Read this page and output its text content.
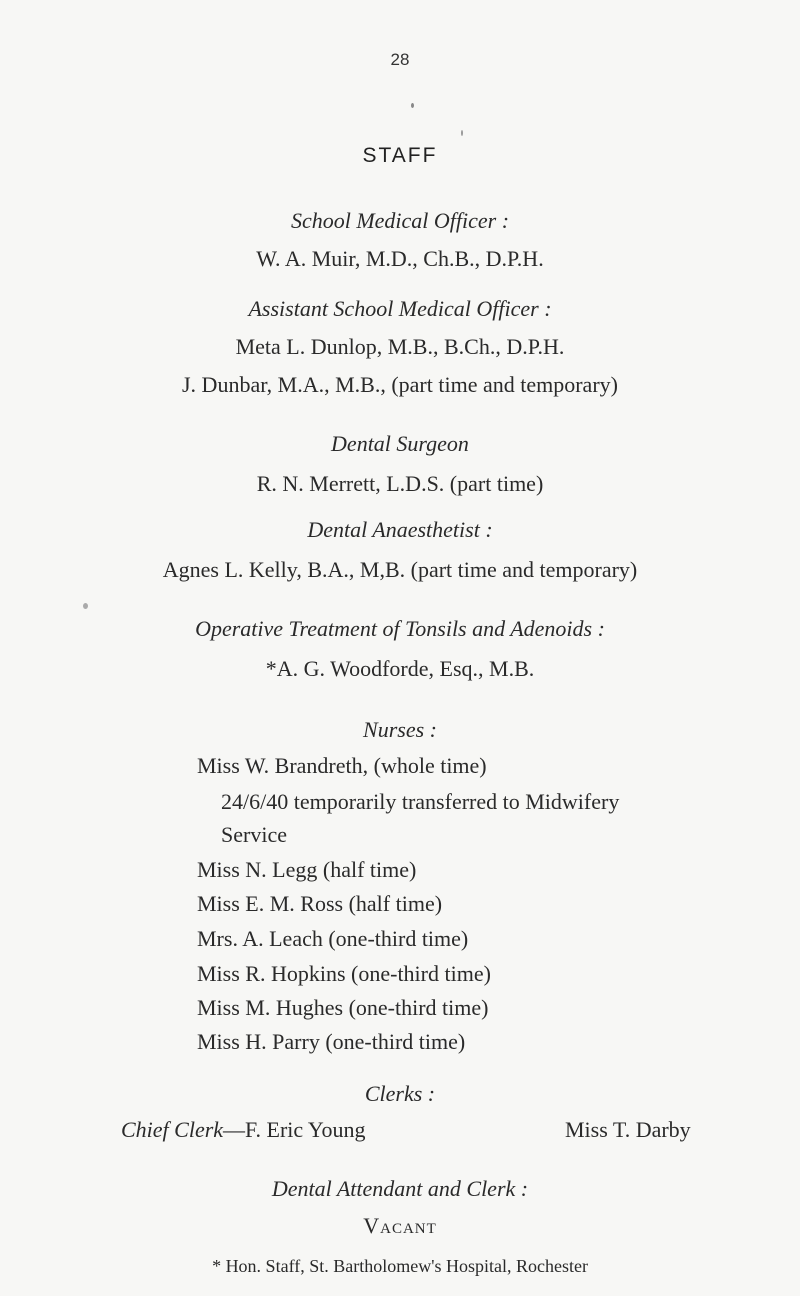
28
STAFF
School Medical Officer :
W. A. Muir, M.D., Ch.B., D.P.H.
Assistant School Medical Officer :
Meta L. Dunlop, M.B., B.Ch., D.P.H.
J. Dunbar, M.A., M.B., (part time and temporary)
Dental Surgeon
R. N. Merrett, L.D.S. (part time)
Dental Anaesthetist :
Agnes L. Kelly, B.A., M,B. (part time and temporary)
Operative Treatment of Tonsils and Adenoids :
*A. G. Woodforde, Esq., M.B.
Nurses :
Miss W. Brandreth, (whole time)
24/6/40 temporarily transferred to Midwifery
Service
Miss N. Legg (half time)
Miss E. M. Ross (half time)
Mrs. A. Leach (one-third time)
Miss R. Hopkins (one-third time)
Miss M. Hughes (one-third time)
Miss H. Parry (one-third time)
Clerks :
Chief Clerk—F. Eric Young	Miss T. Darby
Dental Attendant and Clerk :
Vacant
* Hon. Staff, St. Bartholomew's Hospital, Rochester
